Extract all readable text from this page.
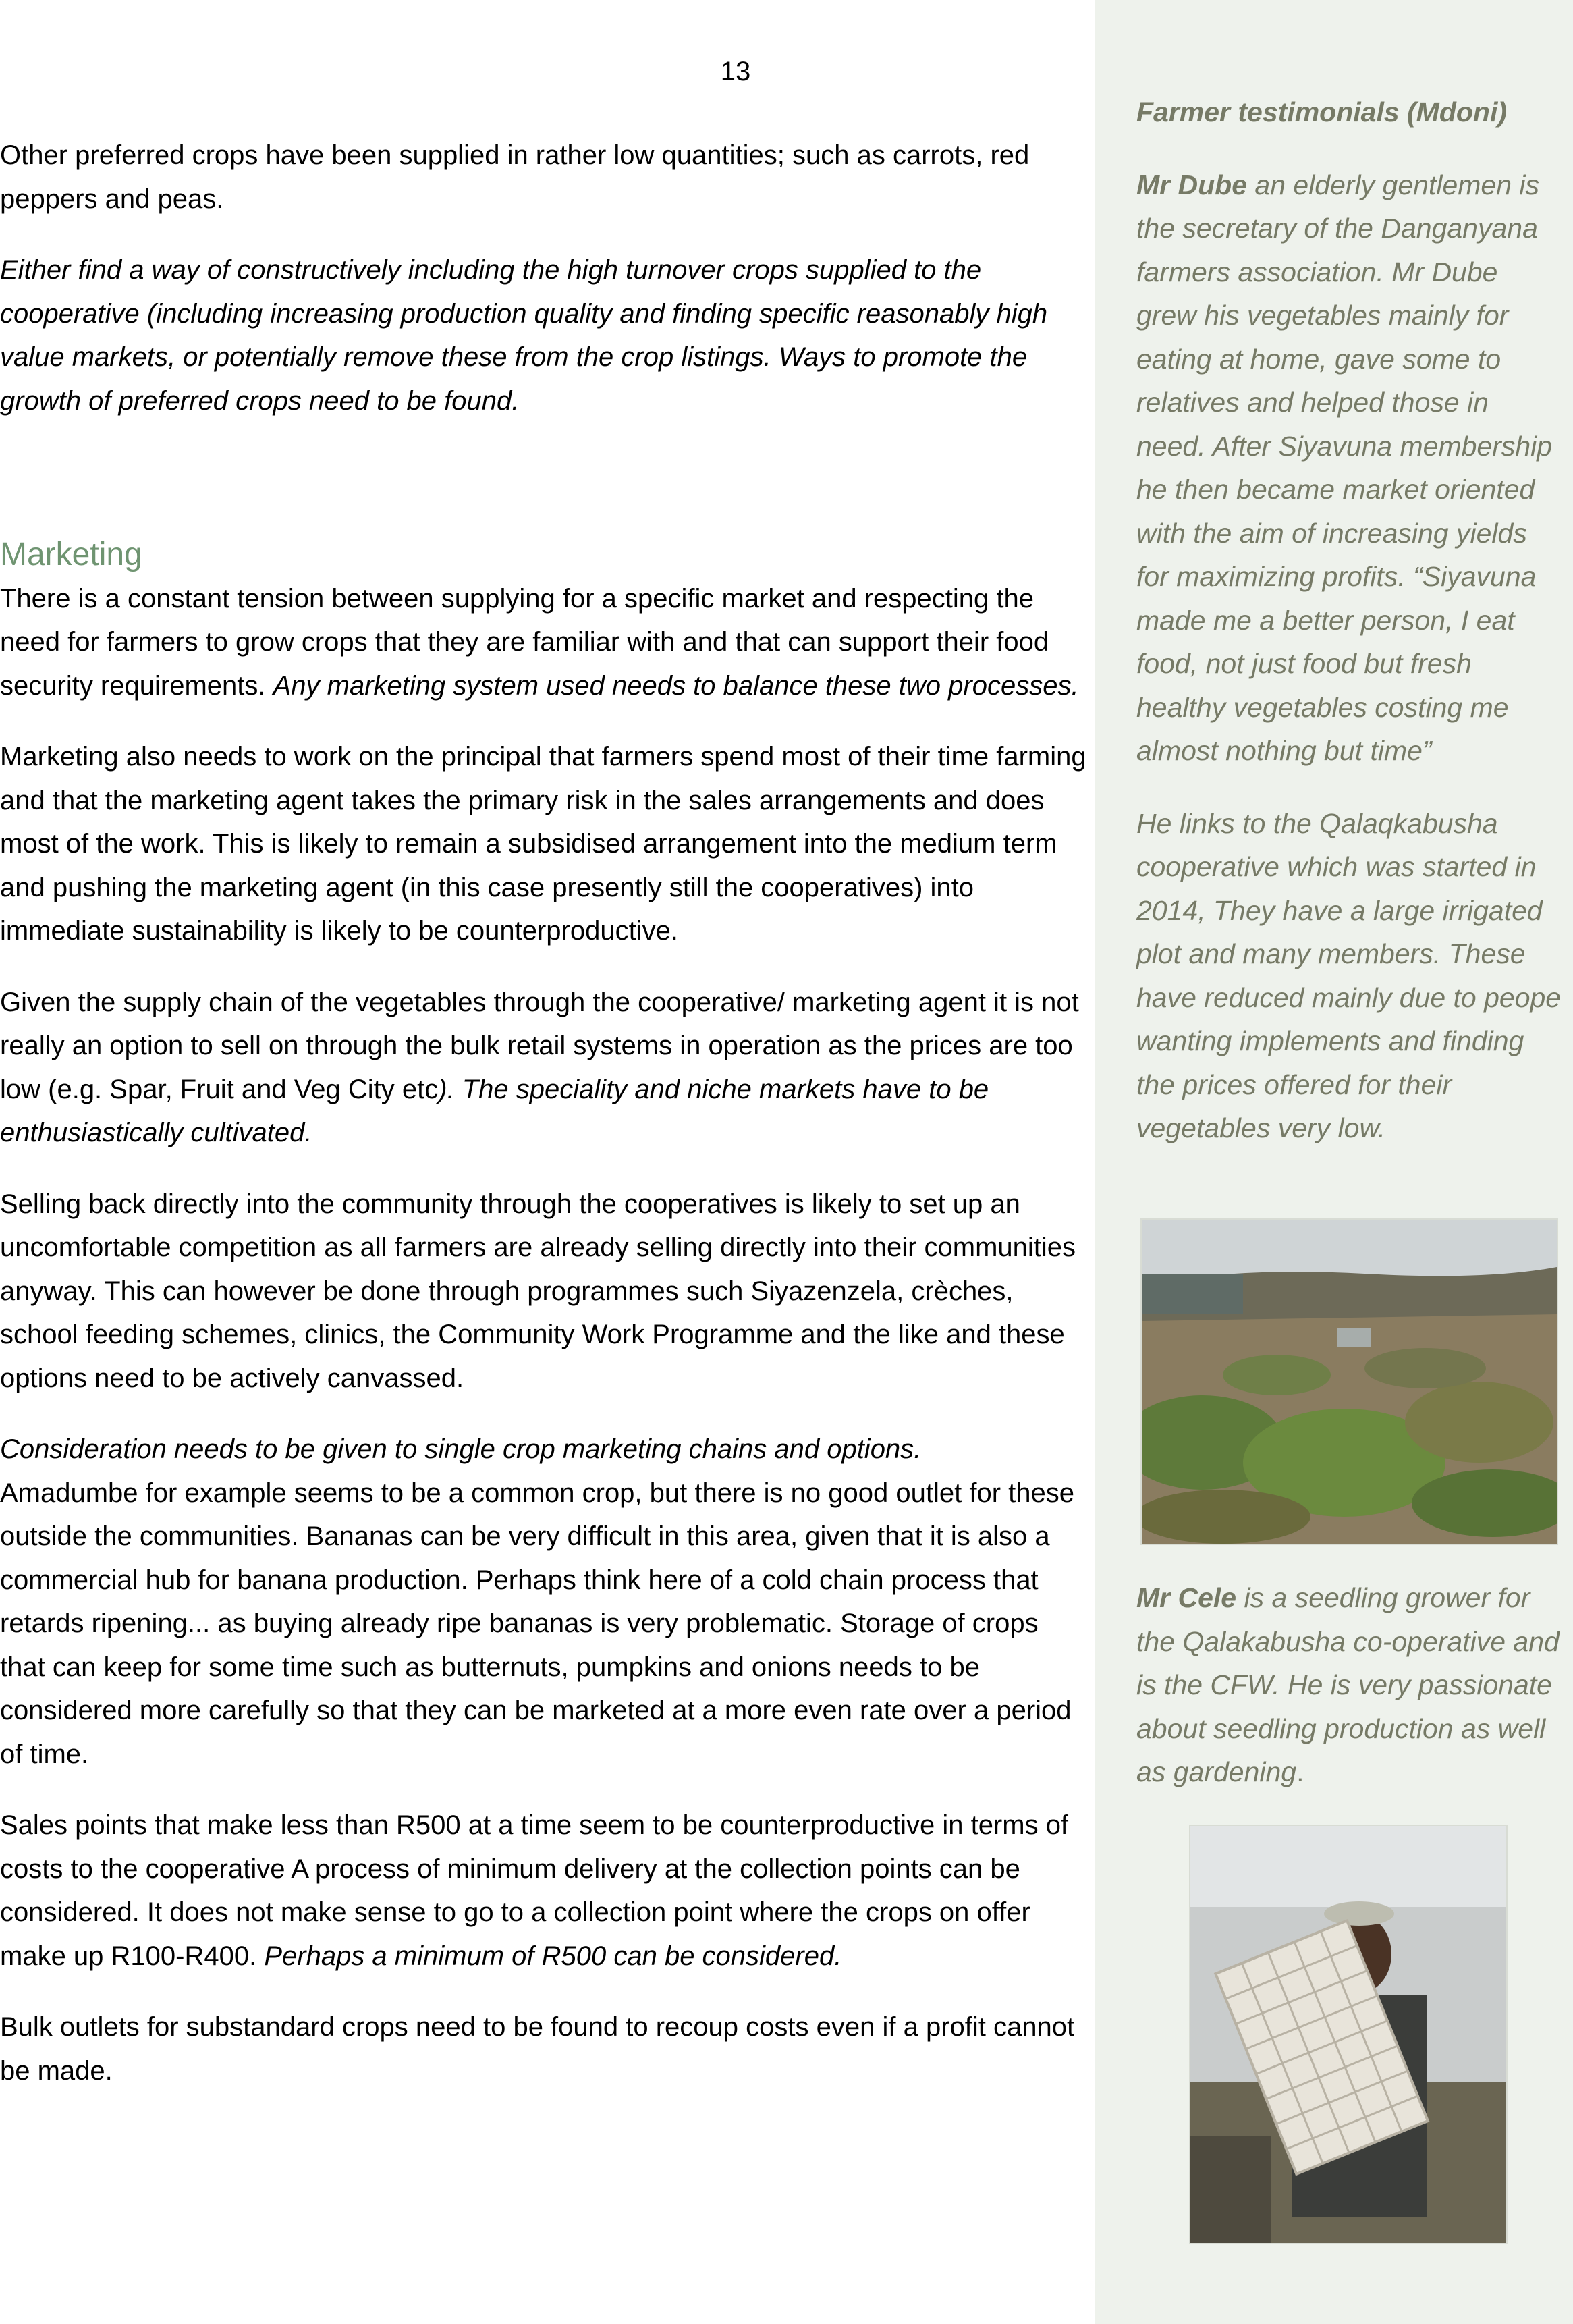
13

Other preferred crops have been supplied in rather low quantities; such as carrots, red peppers and peas.

Either find a way of constructively including the high turnover crops supplied to the cooperative (including increasing production quality and finding specific reasonably high value markets, or potentially remove these from the crop listings. Ways to promote the growth of preferred crops need to be found.

Marketing

There is a constant tension between supplying for a specific market and respecting the need for farmers to grow crops that they are familiar with and that can support their food security requirements. Any marketing system used needs to balance these two processes.

Marketing also needs to work on the principal that farmers spend most of their time farming and that the marketing agent takes the primary risk in the sales arrangements and does most of the work. This is likely to remain a subsidised arrangement into the medium term and pushing the marketing agent (in this case presently still the cooperatives) into immediate sustainability is likely to be counterproductive.

Given the supply chain of the vegetables through the cooperative/ marketing agent it is not really an option to sell on through the bulk retail systems in operation as the prices are too low (e.g. Spar, Fruit and Veg City etc). The speciality and niche markets have to be enthusiastically cultivated.

Selling back directly into the community through the cooperatives is likely to set up an uncomfortable competition as all farmers are already selling directly into their communities anyway. This can however be done through programmes such Siyazenzela, crèches, school feeding schemes, clinics, the Community Work Programme and the like and these options need to be actively canvassed.

Consideration needs to be given to single crop marketing chains and options.
Amadumbe for example seems to be a common crop, but there is no good outlet for these outside the communities. Bananas can be very difficult in this area, given that it is also a commercial hub for banana production. Perhaps think here of a cold chain process that retards ripening... as buying already ripe bananas is very problematic. Storage of crops that can keep for some time such as butternuts, pumpkins and onions needs to be considered more carefully so that they can be marketed at a more even rate over a period of time.

Sales points that make less than R500 at a time seem to be counterproductive in terms of costs to the cooperative A process of minimum delivery at the collection points can be considered. It does not make sense to go to a collection point where the crops on offer make up R100-R400. Perhaps a minimum of R500 can be considered.

Bulk outlets for substandard crops need to be found to recoup costs even if a profit cannot be made.

Farmer testimonials (Mdoni)

Mr Dube an elderly gentlemen is the secretary of the Danganyana farmers association. Mr Dube grew his vegetables mainly for eating at home, gave some to relatives and helped those in need. After Siyavuna membership he then became market oriented with the aim of increasing yields for maximizing profits. “Siyavuna made me a better person, I eat food, not just food but fresh healthy vegetables costing me almost nothing but time”

He links to the Qalaqkabusha cooperative which was started in 2014, They have a large irrigated plot and many members. These have reduced mainly due to peope wanting implements and finding the prices offered for their vegetables very low.

Mr Cele is a seedling grower for the Qalakabusha co-operative and is the CFW. He is very passionate about seedling production as well as gardening.
